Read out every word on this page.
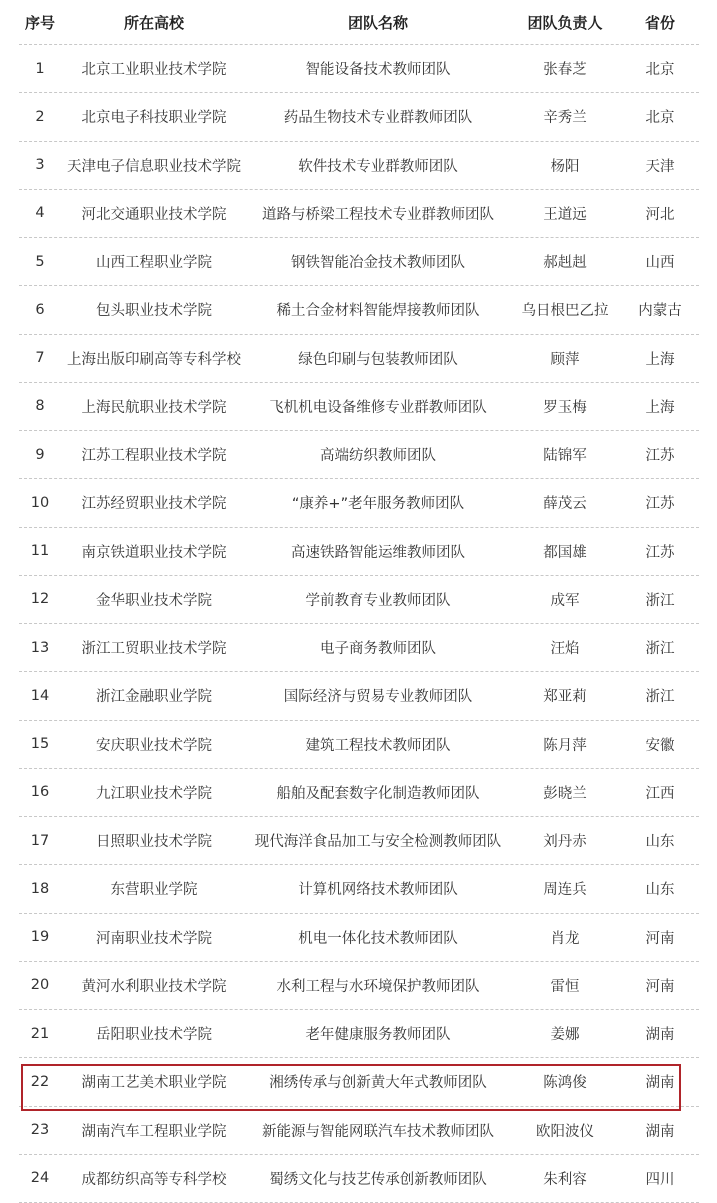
序号	所在高校	团队名称	团队负责人	省份
1	北京工业职业技术学院	智能设备技术教师团队	张春芝	北京
2	北京电子科技职业学院	药品生物技术专业群教师团队	辛秀兰	北京
3	天津电子信息职业技术学院	软件技术专业群教师团队	杨阳	天津
4	河北交通职业技术学院	道路与桥梁工程技术专业群教师团队	王道远	河北
5	山西工程职业学院	钢铁智能冶金技术教师团队	郝赳赳	山西
6	包头职业技术学院	稀土合金材料智能焊接教师团队	乌日根巴乙拉	内蒙古
7	上海出版印刷高等专科学校	绿色印刷与包装教师团队	顾萍	上海
8	上海民航职业技术学院	飞机机电设备维修专业群教师团队	罗玉梅	上海
9	江苏工程职业技术学院	高端纺织教师团队	陆锦军	江苏
10	江苏经贸职业技术学院	“康养+”老年服务教师团队	薛茂云	江苏
11	南京铁道职业技术学院	高速铁路智能运维教师团队	都国雄	江苏
12	金华职业技术学院	学前教育专业教师团队	成军	浙江
13	浙江工贸职业技术学院	电子商务教师团队	汪焰	浙江
14	浙江金融职业学院	国际经济与贸易专业教师团队	郑亚莉	浙江
15	安庆职业技术学院	建筑工程技术教师团队	陈月萍	安徽
16	九江职业技术学院	船舶及配套数字化制造教师团队	彭晓兰	江西
17	日照职业技术学院	现代海洋食品加工与安全检测教师团队	刘丹赤	山东
18	东营职业学院	计算机网络技术教师团队	周连兵	山东
19	河南职业技术学院	机电一体化技术教师团队	肖龙	河南
20	黄河水利职业技术学院	水利工程与水环境保护教师团队	雷恒	河南
21	岳阳职业技术学院	老年健康服务教师团队	姜娜	湖南
22	湖南工艺美术职业学院	湘绣传承与创新黄大年式教师团队	陈鸿俊	湖南
23	湖南汽车工程职业学院	新能源与智能网联汽车技术教师团队	欧阳波仪	湖南
24	成都纺织高等专科学校	蜀绣文化与技艺传承创新教师团队	朱利容	四川
